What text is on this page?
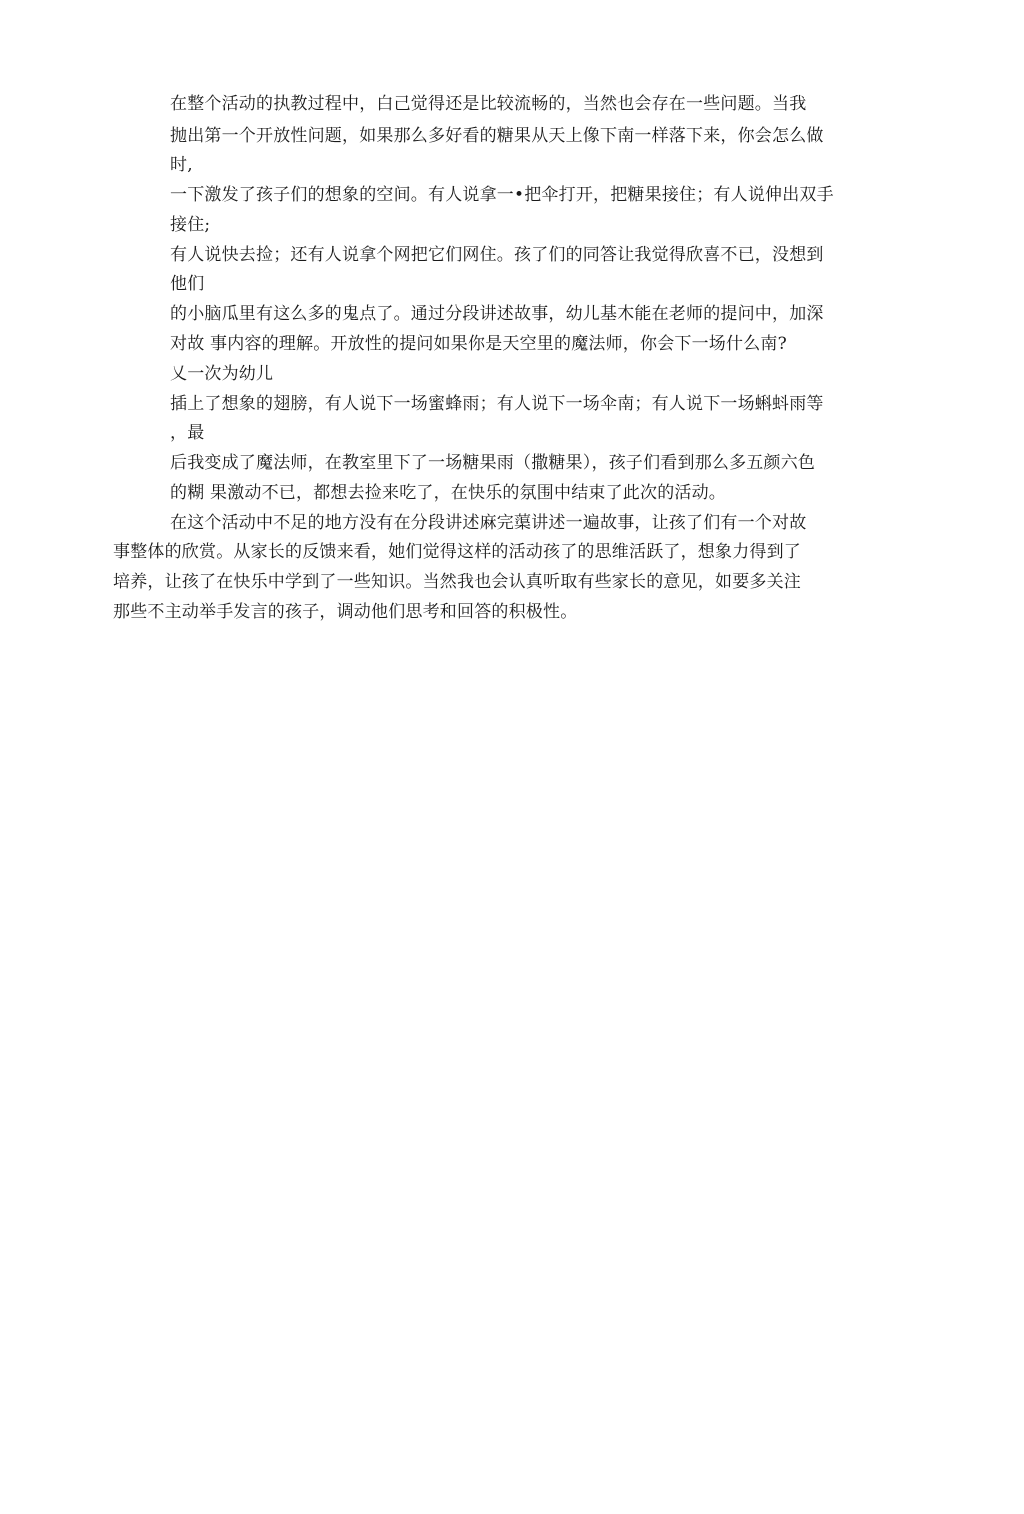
在整个活动的执教过程中，白己觉得还是比较流畅的，当然也会存在一些问题。当我
抛出第一个开放性问题，如果那么多好看的糖果从天上像下南一样落下来，你会怎么做
时,
一下激发了孩子们的想象的空间。有人说拿一•把伞打开，把糖果接住；有人说伸出双手
接住;
有人说快去捡；还有人说拿个网把它们网住。孩了们的同答让我觉得欣喜不已，没想到
他们
的小脑瓜里有这么多的鬼点了。通过分段讲述故事，幼儿基木能在老师的提问中，加深
对故 事内容的理解。开放性的提问如果你是天空里的魔法师，你会下一场什么南?
乂一次为幼儿
插上了想象的翅膀，有人说下一场蜜蜂雨；有人说下一场伞南；有人说下一场蝌蚪雨等
，最
后我变成了魔法师，在教室里下了一场糖果雨（撒糖果），孩子们看到那么多五颜六色
的糊 果激动不已，都想去捡来吃了，在快乐的氛围中结束了此次的活动。
在这个活动中不足的地方没有在分段讲述麻完蕖讲述一遍故事，让孩了们有一个对故
事整体的欣赏。从家长的反馈来看，她们觉得这样的活动孩了的思维活跃了，想象力得到了
培养，让孩了在快乐中学到了一些知识。当然我也会认真听取有些家长的意见，如要多关注
那些不主动举手发言的孩子，调动他们思考和回答的积极性。
